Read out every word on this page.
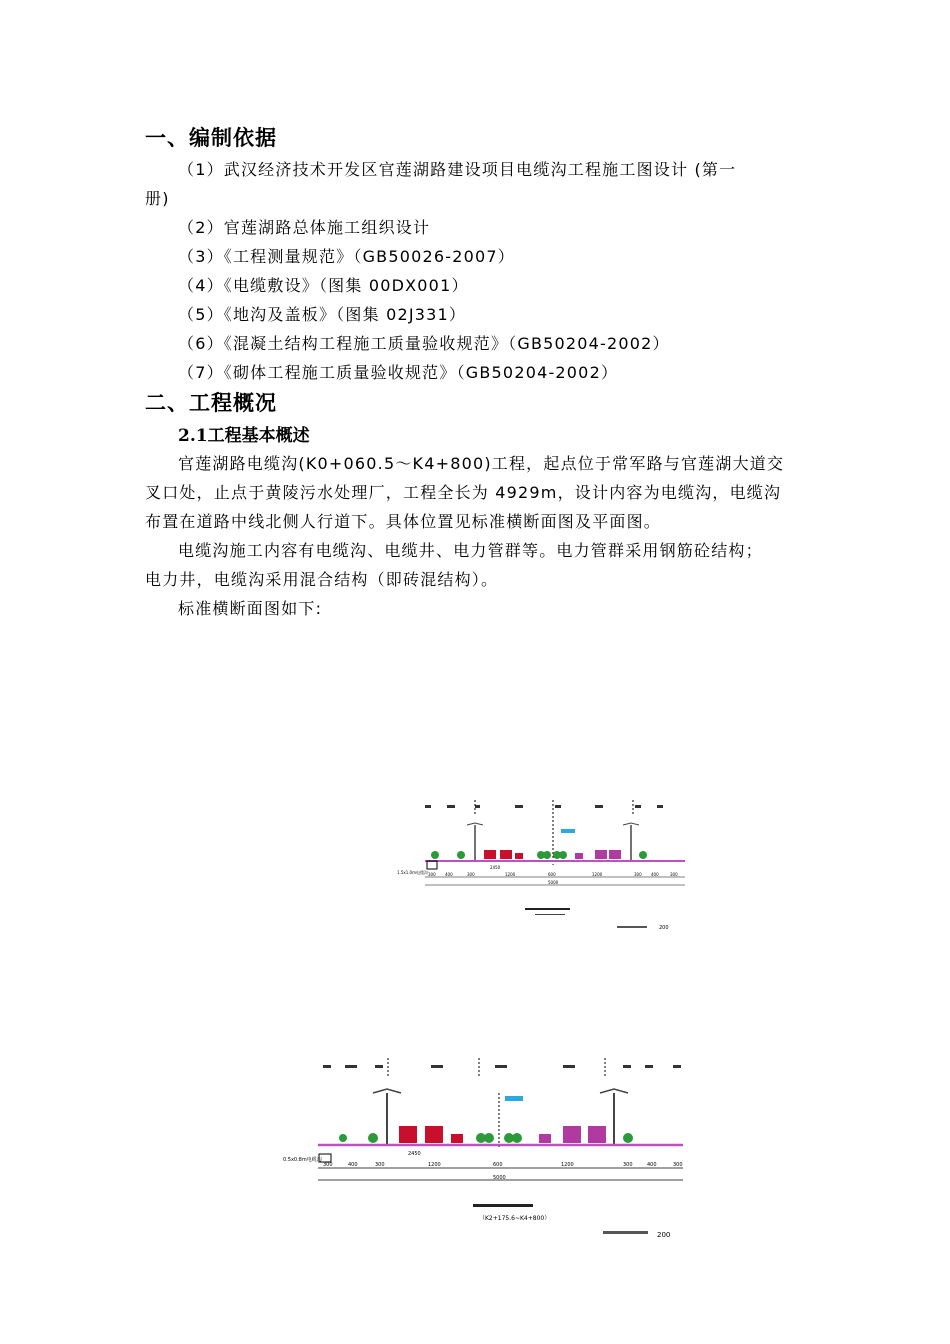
一、编制依据
（1）武汉经济技术开发区官莲湖路建设项目电缆沟工程施工图设计 (第一
册)
（2）官莲湖路总体施工组织设计
（3）《工程测量规范》（GB50026-2007）
（4）《电缆敷设》（图集 00DX001）
（5）《地沟及盖板》（图集 02J331）
（6）《混凝土结构工程施工质量验收规范》（GB50204-2002）
（7）《砌体工程施工质量验收规范》（GB50204-2002）
二、工程概况
2.1工程基本概述
官莲湖路电缆沟(K0+060.5～K4+800)工程，起点位于常军路与官莲湖大道交
叉口处，止点于黄陵污水处理厂，工程全长为 4929m，设计内容为电缆沟，电缆沟
布置在道路中线北侧人行道下。具体位置见标准横断面图及平面图。
电缆沟施工内容有电缆沟、电缆井、电力管群等。电力管群采用钢筋砼结构；
电力井，电缆沟采用混合结构（即砖混结构）。
标准横断面图如下:
1.5x1.0m电缆沟 300 400	300	1200	600	1200	300 400	300
2450
5000
200
0.5x0.8m电缆沟
300	400	300	1200	600	1200	300	400	300
2450
5000
（K2+175.6~K4+800）
200
